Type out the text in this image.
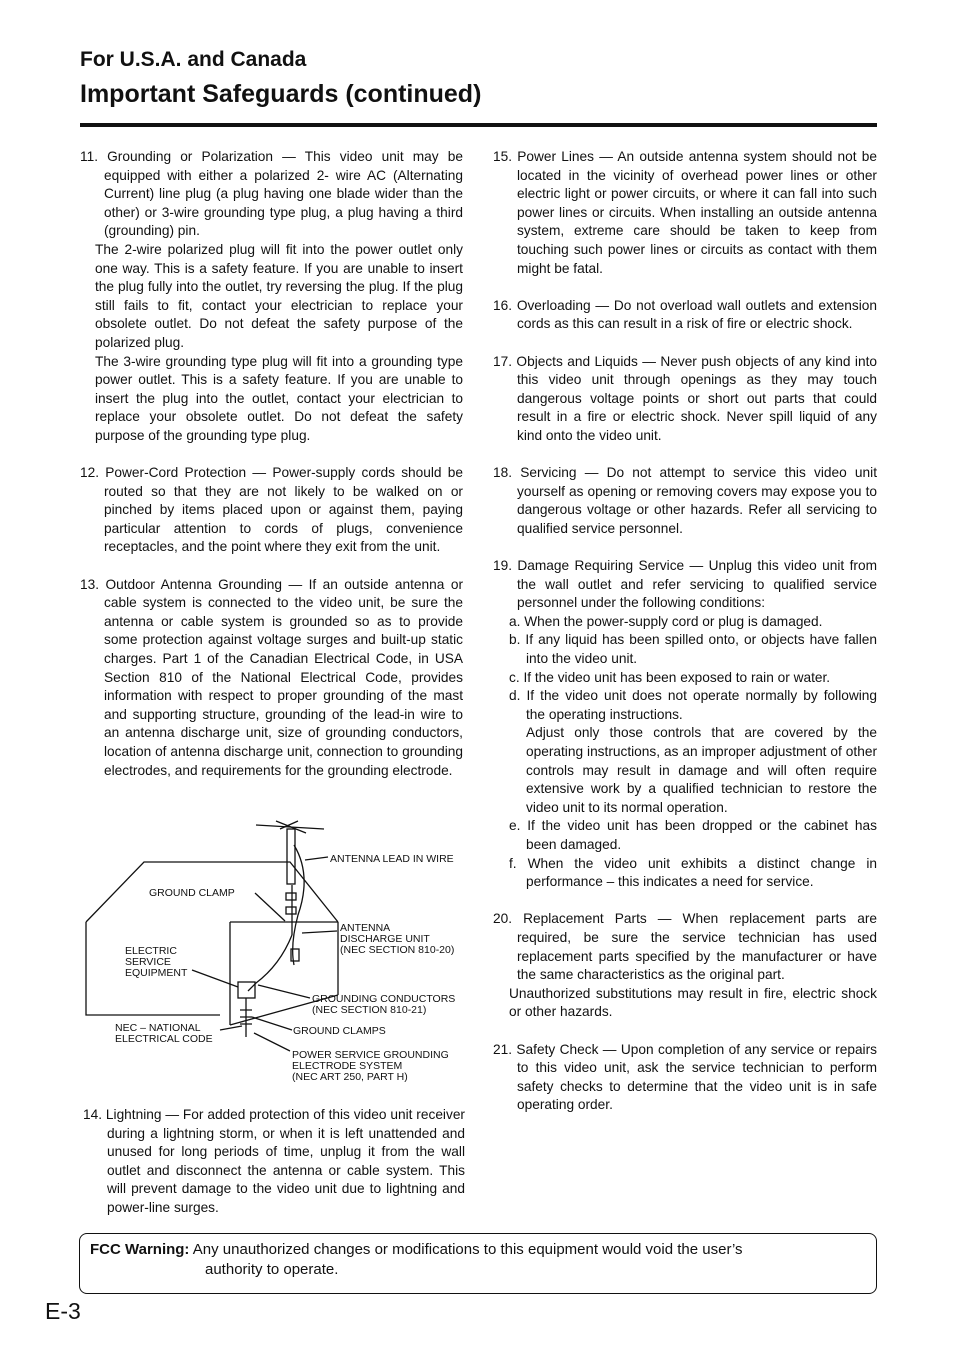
For U.S.A. and Canada
Important Safeguards (continued)

11. Grounding or Polarization — This video unit may be equipped with either a polarized 2- wire AC (Alternating Current) line plug (a plug having one blade wider than the other) or 3-wire grounding type plug, a plug having a third (grounding) pin.

The 2-wire polarized plug will fit into the power outlet only one way. This is a safety feature. If you are unable to insert the plug fully into the outlet, try reversing the plug. If the plug still fails to fit, contact your electrician to replace your obsolete outlet. Do not defeat the safety purpose of the polarized plug.

The 3-wire grounding type plug will fit into a grounding type power outlet. This is a safety feature. If you are unable to insert the plug into the outlet, contact your electrician to replace your obsolete outlet. Do not defeat the safety purpose of the grounding type plug.

12. Power-Cord Protection — Power-supply cords should be routed so that they are not likely to be walked on or pinched by items placed upon or against them, paying particular attention to cords of plugs, convenience receptacles, and the point where they exit from the unit.

13. Outdoor Antenna Grounding — If an outside antenna or cable system is connected to the video unit, be sure the antenna or cable system is grounded so as to provide some protection against voltage surges and built-up static charges. Part 1 of the Canadian Electrical Code, in USA Section 810 of the National Electrical Code, provides information with respect to proper grounding of the mast and supporting structure, grounding of the lead-in wire to an antenna discharge unit, size of grounding conductors, location of antenna discharge unit, connection to grounding electrodes, and requirements for the grounding electrode.

ANTENNA LEAD IN WIRE
GROUND CLAMP
ANTENNA
DISCHARGE UNIT
(NEC SECTION 810-20)
ELECTRIC
SERVICE
EQUIPMENT
GROUNDING CONDUCTORS
(NEC SECTION 810-21)
NEC – NATIONAL
ELECTRICAL CODE
GROUND CLAMPS
POWER SERVICE GROUNDING
ELECTRODE SYSTEM
(NEC ART 250, PART H)

14. Lightning — For added protection of this video unit receiver during a lightning storm, or when it is left unattended and unused for long periods of time, unplug it from the wall outlet and disconnect the antenna or cable system. This will prevent damage to the video unit due to lightning and power-line surges.

15. Power Lines — An outside antenna system should not be located in the vicinity of overhead power lines or other electric light or power circuits, or where it can fall into such power lines or circuits. When installing an outside antenna system, extreme care should be taken to keep from touching such power lines or circuits as contact with them might be fatal.

16. Overloading — Do not overload wall outlets and extension cords as this can result in a risk of fire or electric shock.

17. Objects and Liquids — Never push objects of any kind into this video unit through openings as they may touch dangerous voltage points or short out parts that could result in a fire or electric shock. Never spill liquid of any kind onto the video unit.

18. Servicing — Do not attempt to service this video unit yourself as opening or removing covers may expose you to dangerous voltage or other hazards. Refer all servicing to qualified service personnel.

19. Damage Requiring Service — Unplug this video unit from the wall outlet and refer servicing to qualified service personnel under the following conditions:

a. When the power-supply cord or plug is damaged.

b. If any liquid has been spilled onto, or objects have fallen into the video unit.

c. If the video unit has been exposed to rain or water.

d. If the video unit does not operate normally by following the operating instructions.

Adjust only those controls that are covered by the operating instructions, as an improper adjustment of other controls may result in damage and will often require extensive work by a qualified technician to restore the video unit to its normal operation.

e. If the video unit has been dropped or the cabinet has been damaged.

f. When the video unit exhibits a distinct change in performance – this indicates a need for service.

20. Replacement Parts — When replacement parts are required, be sure the service technician has used replacement parts specified by the manufacturer or have the same characteristics as the original part.

Unauthorized substitutions may result in fire, electric shock or other hazards.

21. Safety Check — Upon completion of any service or repairs to this video unit, ask the service technician to perform safety checks to determine that the video unit is in safe operating order.

FCC Warning: Any unauthorized changes or modifications to this equipment would void the user’s
authority to operate.
E-3
